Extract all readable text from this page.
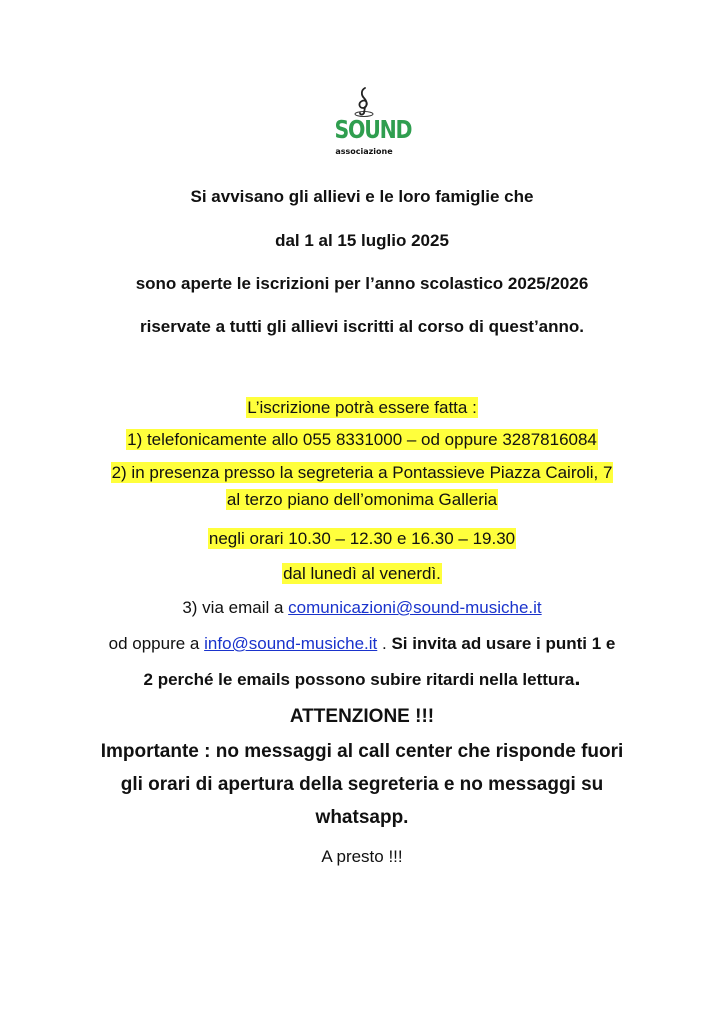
SOUND
associazione
Si avvisano gli allievi e le loro famiglie che
dal 1 al 15 luglio 2025
sono aperte le iscrizioni per l’anno scolastico 2025/2026
riservate a tutti gli allievi iscritti al corso di quest’anno.
L’iscrizione potrà essere fatta :
1) telefonicamente allo 055 8331000 – od oppure 3287816084
2) in presenza presso la segreteria a Pontassieve Piazza Cairoli, 7
al terzo piano dell’omonima Galleria
negli orari 10.30 – 12.30 e 16.30 – 19.30
dal lunedì al venerdì.
3) via email a comunicazioni@sound-musiche.it
od oppure a info@sound-musiche.it . Si invita ad usare i punti 1 e
2 perché le emails possono subire ritardi nella lettura.
ATTENZIONE !!!
Importante : no messaggi al call center che risponde fuori
gli orari di apertura della segreteria e no messaggi su
whatsapp.
A presto !!!
